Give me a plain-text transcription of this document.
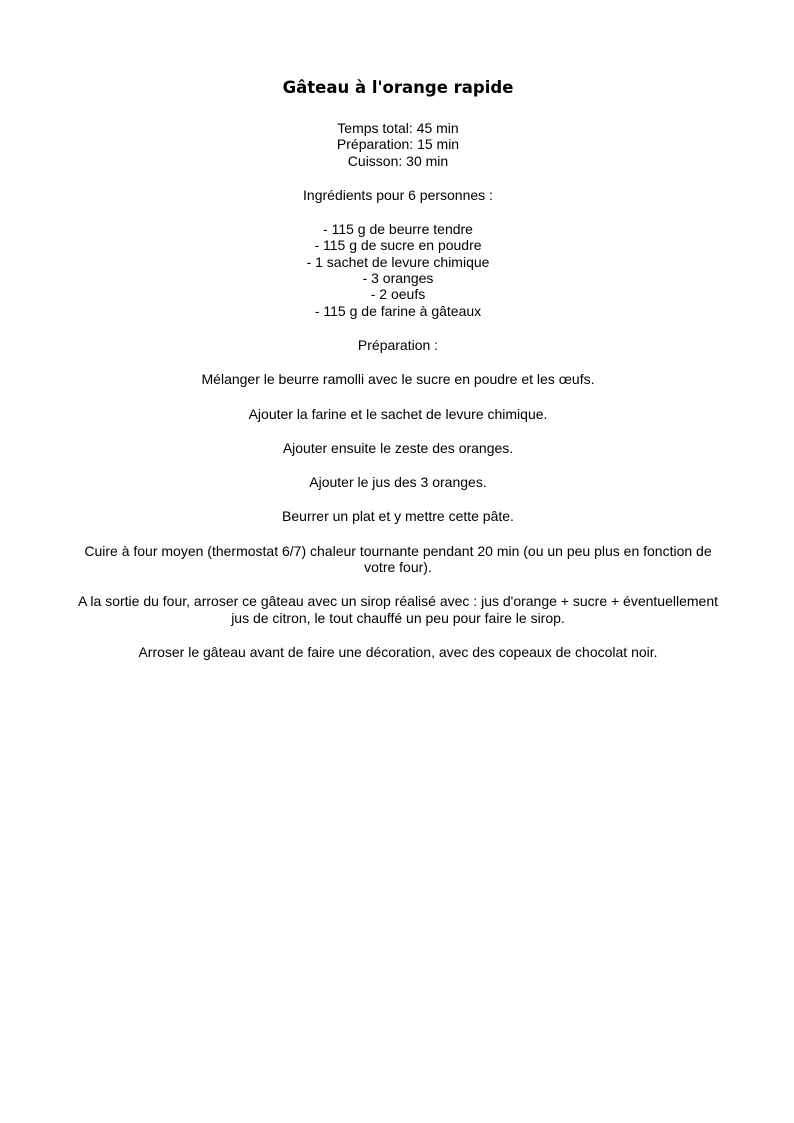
Gâteau à l'orange rapide
Temps total: 45 min
Préparation: 15 min
Cuisson: 30 min
Ingrédients pour 6 personnes :
- 115 g de beurre tendre
- 115 g de sucre en poudre
- 1 sachet de levure chimique
- 3 oranges
- 2 oeufs
- 115 g de farine à gâteaux
Préparation :
Mélanger le beurre ramolli avec le sucre en poudre et les œufs.
Ajouter la farine et le sachet de levure chimique.
Ajouter ensuite le zeste des oranges.
Ajouter le jus des 3 oranges.
Beurrer un plat et y mettre cette pâte.
Cuire à four moyen (thermostat 6/7) chaleur tournante pendant 20 min (ou un peu plus en fonction de votre four).
A la sortie du four, arroser ce gâteau avec un sirop réalisé avec : jus d'orange + sucre + éventuellement jus de citron, le tout chauffé un peu pour faire le sirop.
Arroser le gâteau avant de faire une décoration, avec des copeaux de chocolat noir.
